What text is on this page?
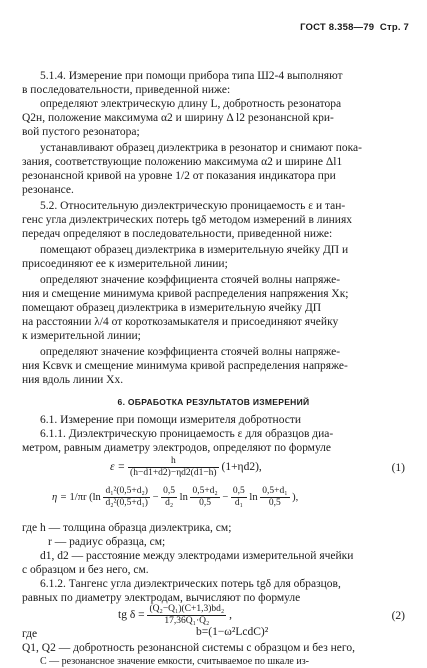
ГОСТ 8.358—79 Стр. 7
5.1.4. Измерение при помощи прибора типа Ш2-4 выполняют
в последовательности, приведенной ниже:
определяют электрическую длину L, добротность резонатора
Q2н, положение максимума α2 и ширину Δ l2 резонансной кри-
вой пустого резонатора;
устанавливают образец диэлектрика в резонатор и снимают пока-
зания, соответствующие положению максимума α2 и ширине Δl1
резонансной кривой на уровне 1/2 от показания индикатора при
резонансе.
5.2. Относительную диэлектрическую проницаемость ε и тан-
генс угла диэлектрических потерь tgδ методом измерений в линиях
передач определяют в последовательности, приведенной ниже:
помещают образец диэлектрика в измерительную ячейку ДП и
присоединяют ее к измерительной линии;
определяют значение коэффициента стоячей волны напряже-
ния и смещение минимума кривой распределения напряжения Xк;
помещают образец диэлектрика в измерительную ячейку ДП
на расстоянии λ/4 от короткозамыкателя и присоединяют ячейку
к измерительной линии;
определяют значение коэффициента стоячей волны напряже-
ния Kсвvк и смещение минимума кривой распределения напряже-
ния вдоль линии Xх.
6. ОБРАБОТКА РЕЗУЛЬТАТОВ ИЗМЕРЕНИЙ
6.1. Измерение при помощи измерителя добротности
6.1.1. Диэлектрическую проницаемость ε для образцов диа-
метром, равным диаметру электродов, определяют по формуле
$\varepsilon = \frac{h}{(h-d1+d2)-\eta d2(d1-h)} (1+\eta d2)$,	(1)
η = 1/πr ($\ln \frac{\text{d₁²(0,5+d₂)}}{\text{d₂²(0,5+d₁)}} - \frac{0,5}{\text{d₂}}$ $\ln \frac{\text{0,5+d₂}}{0,5} - \frac{0,5}{\text{d₁}}$ $\ln \frac{\text{0,5+d₁}}{0,5}$ ),
где h — толщина образца диэлектрика, см;
r — радиус образца, см;
d1, d2 — расстояние между электродами измерительной ячейки
с образцом и без него, см.
6.1.2. Тангенс угла диэлектрических потерь tgδ для образцов,
равных по диаметру электродам, вычисляют по формуле
tg $\delta = \frac{\text{(Q₂−Q₁)(C+1,3)bd₂}}{\text{17,36Q₁·Q₂}}$ ,	(2)
где	b=(1−ω²LcdC)²
Q1, Q2 — добротность резонансной системы с образцом и без него,
C — резонансное значение емкости, считываемое по шкале из-
